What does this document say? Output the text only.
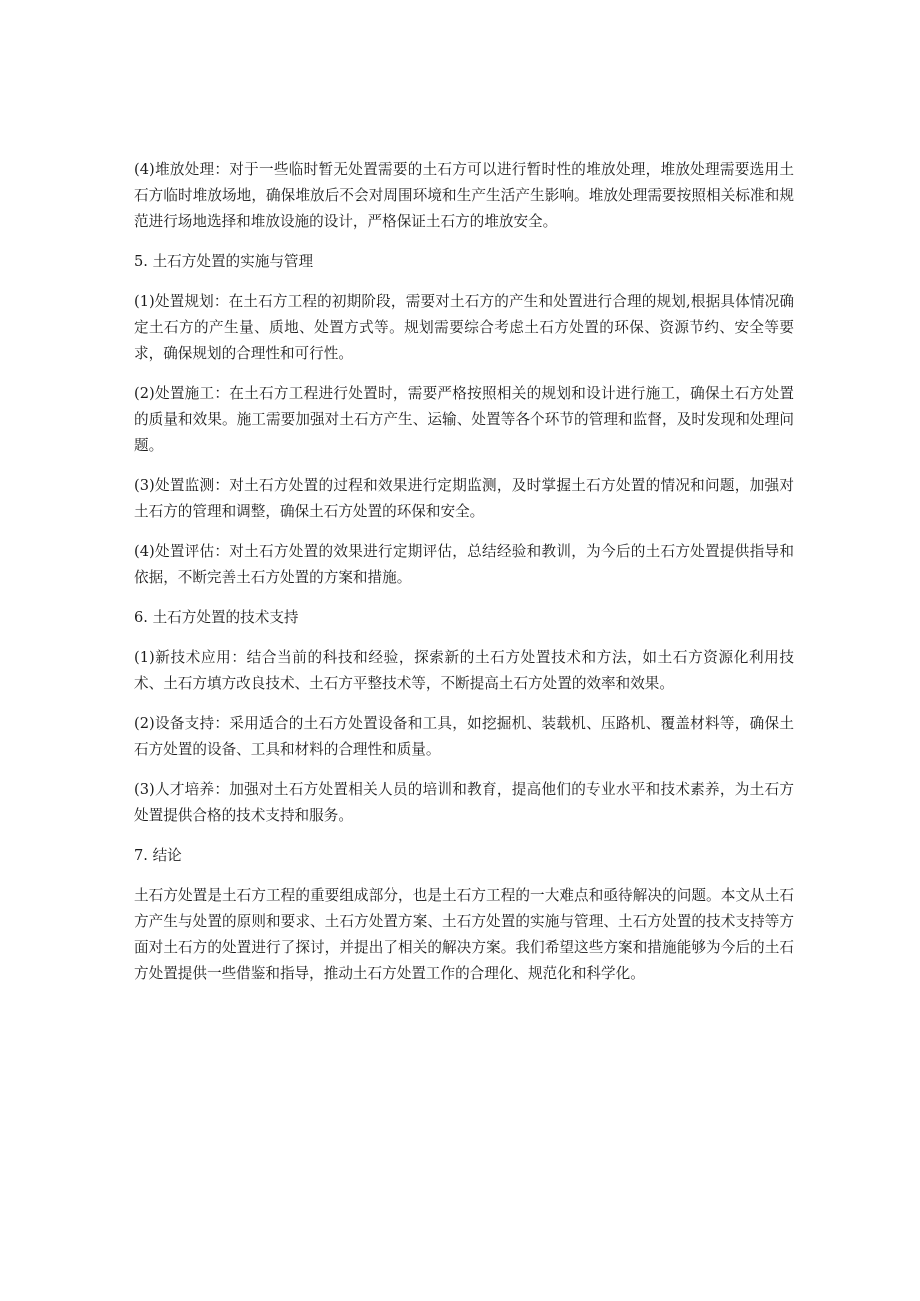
(4)堆放处理：对于一些临时暂无处置需要的土石方可以进行暂时性的堆放处理，堆放处理需要选用土石方临时堆放场地，确保堆放后不会对周围环境和生产生活产生影响。堆放处理需要按照相关标准和规范进行场地选择和堆放设施的设计，严格保证土石方的堆放安全。

5. 土石方处置的实施与管理

(1)处置规划：在土石方工程的初期阶段，需要对土石方的产生和处置进行合理的规划,根据具体情况确定土石方的产生量、质地、处置方式等。规划需要综合考虑土石方处置的环保、资源节约、安全等要求，确保规划的合理性和可行性。

(2)处置施工：在土石方工程进行处置时，需要严格按照相关的规划和设计进行施工，确保土石方处置的质量和效果。施工需要加强对土石方产生、运输、处置等各个环节的管理和监督，及时发现和处理问题。

(3)处置监测：对土石方处置的过程和效果进行定期监测，及时掌握土石方处置的情况和问题，加强对土石方的管理和调整，确保土石方处置的环保和安全。

(4)处置评估：对土石方处置的效果进行定期评估，总结经验和教训，为今后的土石方处置提供指导和依据，不断完善土石方处置的方案和措施。

6. 土石方处置的技术支持

(1)新技术应用：结合当前的科技和经验，探索新的土石方处置技术和方法，如土石方资源化利用技术、土石方填方改良技术、土石方平整技术等，不断提高土石方处置的效率和效果。

(2)设备支持：采用适合的土石方处置设备和工具，如挖掘机、装载机、压路机、覆盖材料等，确保土石方处置的设备、工具和材料的合理性和质量。

(3)人才培养：加强对土石方处置相关人员的培训和教育，提高他们的专业水平和技术素养，为土石方处置提供合格的技术支持和服务。

7. 结论

土石方处置是土石方工程的重要组成部分，也是土石方工程的一大难点和亟待解决的问题。本文从土石方产生与处置的原则和要求、土石方处置方案、土石方处置的实施与管理、土石方处置的技术支持等方面对土石方的处置进行了探讨，并提出了相关的解决方案。我们希望这些方案和措施能够为今后的土石方处置提供一些借鉴和指导，推动土石方处置工作的合理化、规范化和科学化。
